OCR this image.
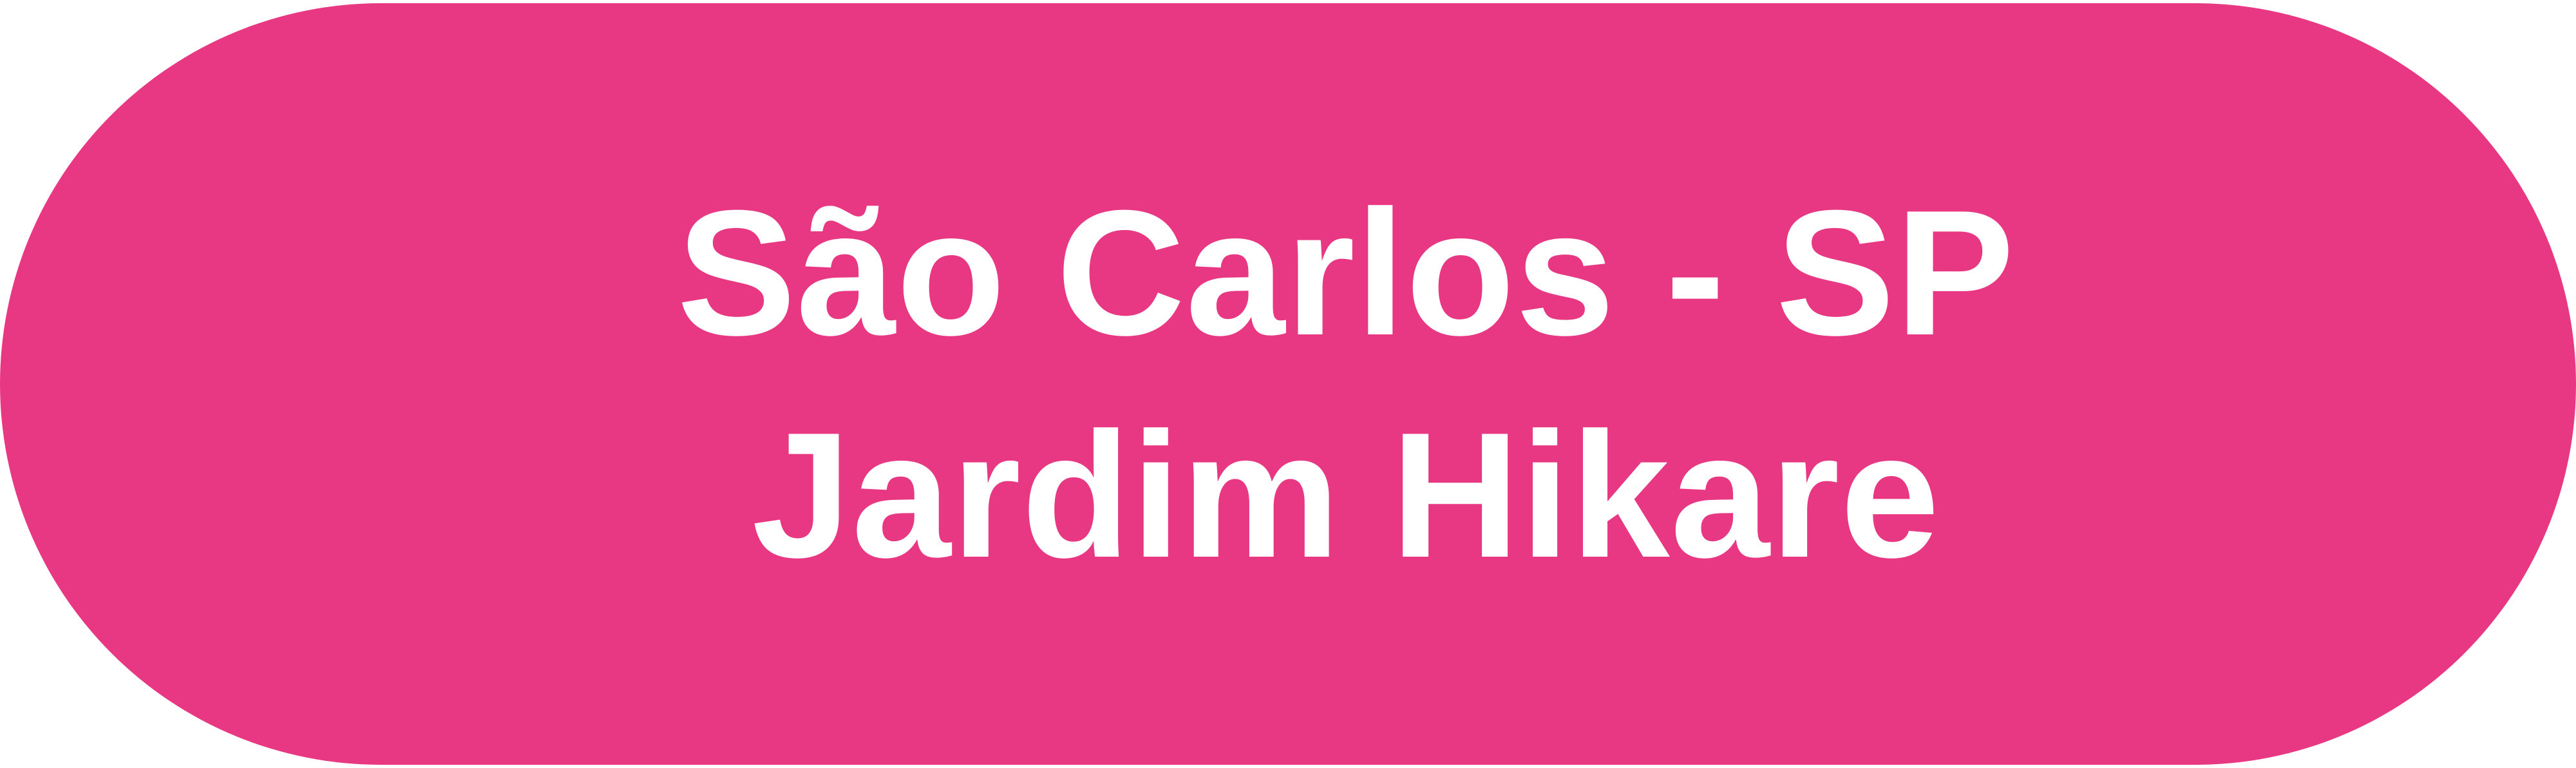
São Carlos - SP
Jardim Hikare
